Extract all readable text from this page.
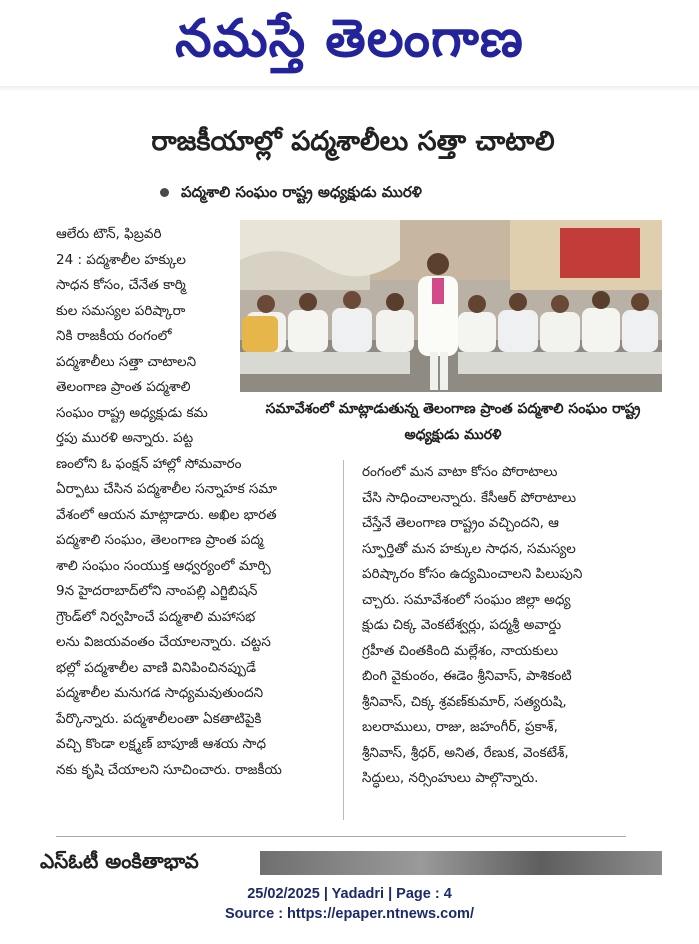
నమస్తే తెలంగాణ
రాజకీయాల్లో పద్మశాలీలు సత్తా చాటాలి
పద్మశాలి సంఘం రాష్ట్ర అధ్యక్షుడు మురళి
ఆలేరు టౌన్, ఫిబ్రవరి
24 : పద్మశాలీల హక్కుల
సాధన కోసం, చేనేత కార్మి
కుల సమస్యల పరిష్కారా
నికి రాజకీయ రంగంలో
పద్మశాలీలు సత్తా చాటాలని
తెలంగాణ ప్రాంత పద్మశాలి
సంఘం రాష్ట్ర అధ్యక్షుడు కమ
ర్తపు మురళి అన్నారు. పట్ట
ణంలోని ఓ ఫంక్షన్ హాల్లో సోమవారం
ఏర్పాటు చేసిన పద్మశాలీల సన్నాహక సమా
వేశంలో ఆయన మాట్లాడారు. అఖిల భారత
పద్మశాలి సంఘం, తెలంగాణ ప్రాంత పద్మ
శాలి సంఘం సంయుక్త ఆధ్వర్యంలో మార్చి
9న హైదరాబాద్‌లోని నాంపల్లి ఎగ్జిబిషన్
గ్రౌండ్‌లో నిర్వహించే పద్మశాలి మహాసభ
లను విజయవంతం చేయాలన్నారు. చట్టస
భల్లో పద్మశాలీల వాణి వినిపించినప్పుడే
పద్మశాలీల మనుగడ సాధ్యమవుతుందని
పేర్కొన్నారు. పద్మశాలీలంతా ఏకతాటిపైకి
వచ్చి కొండా లక్ష్మణ్ బాపూజీ ఆశయ సాధ
నకు కృషి చేయాలని సూచించారు. రాజకీయ
సమావేశంలో మాట్లాడుతున్న తెలంగాణ ప్రాంత పద్మశాలి సంఘం రాష్ట్ర అధ్యక్షుడు మురళి
రంగంలో మన వాటా కోసం పోరాటాలు
చేసి సాధించాలన్నారు. కేసీఆర్ పోరాటాలు
చేస్తేనే తెలంగాణ రాష్ట్రం వచ్చిందని, ఆ
స్ఫూర్తితో మన హక్కుల సాధన, సమస్యల
పరిష్కారం కోసం ఉద్యమించాలని పిలుపుని
చ్చారు. సమావేశంలో సంఘం జిల్లా అధ్య
క్షుడు చిక్క వెంకటేశ్వర్లు, పద్మశ్రీ అవార్డు
గ్రహీత చింతకింది మల్లేశం, నాయకులు
బింగి వైకుంఠం, ఈడెం శ్రీనివాస్, పాశికంటి
శ్రీనివాస్, చిక్క శ్రవణ్‌కుమార్, సత్యరుషి,
బలరాములు, రాజు, జహంగీర్, ప్రకాశ్,
శ్రీనివాస్, శ్రీధర్, అనిత, రేణుక, వెంకటేశ్,
సిద్ధులు, నర్సింహులు పాల్గొన్నారు.
ఎస్‌ఓటీ అంకితాభావ
25/02/2025 | Yadadri | Page : 4
Source : https://epaper.ntnews.com/
